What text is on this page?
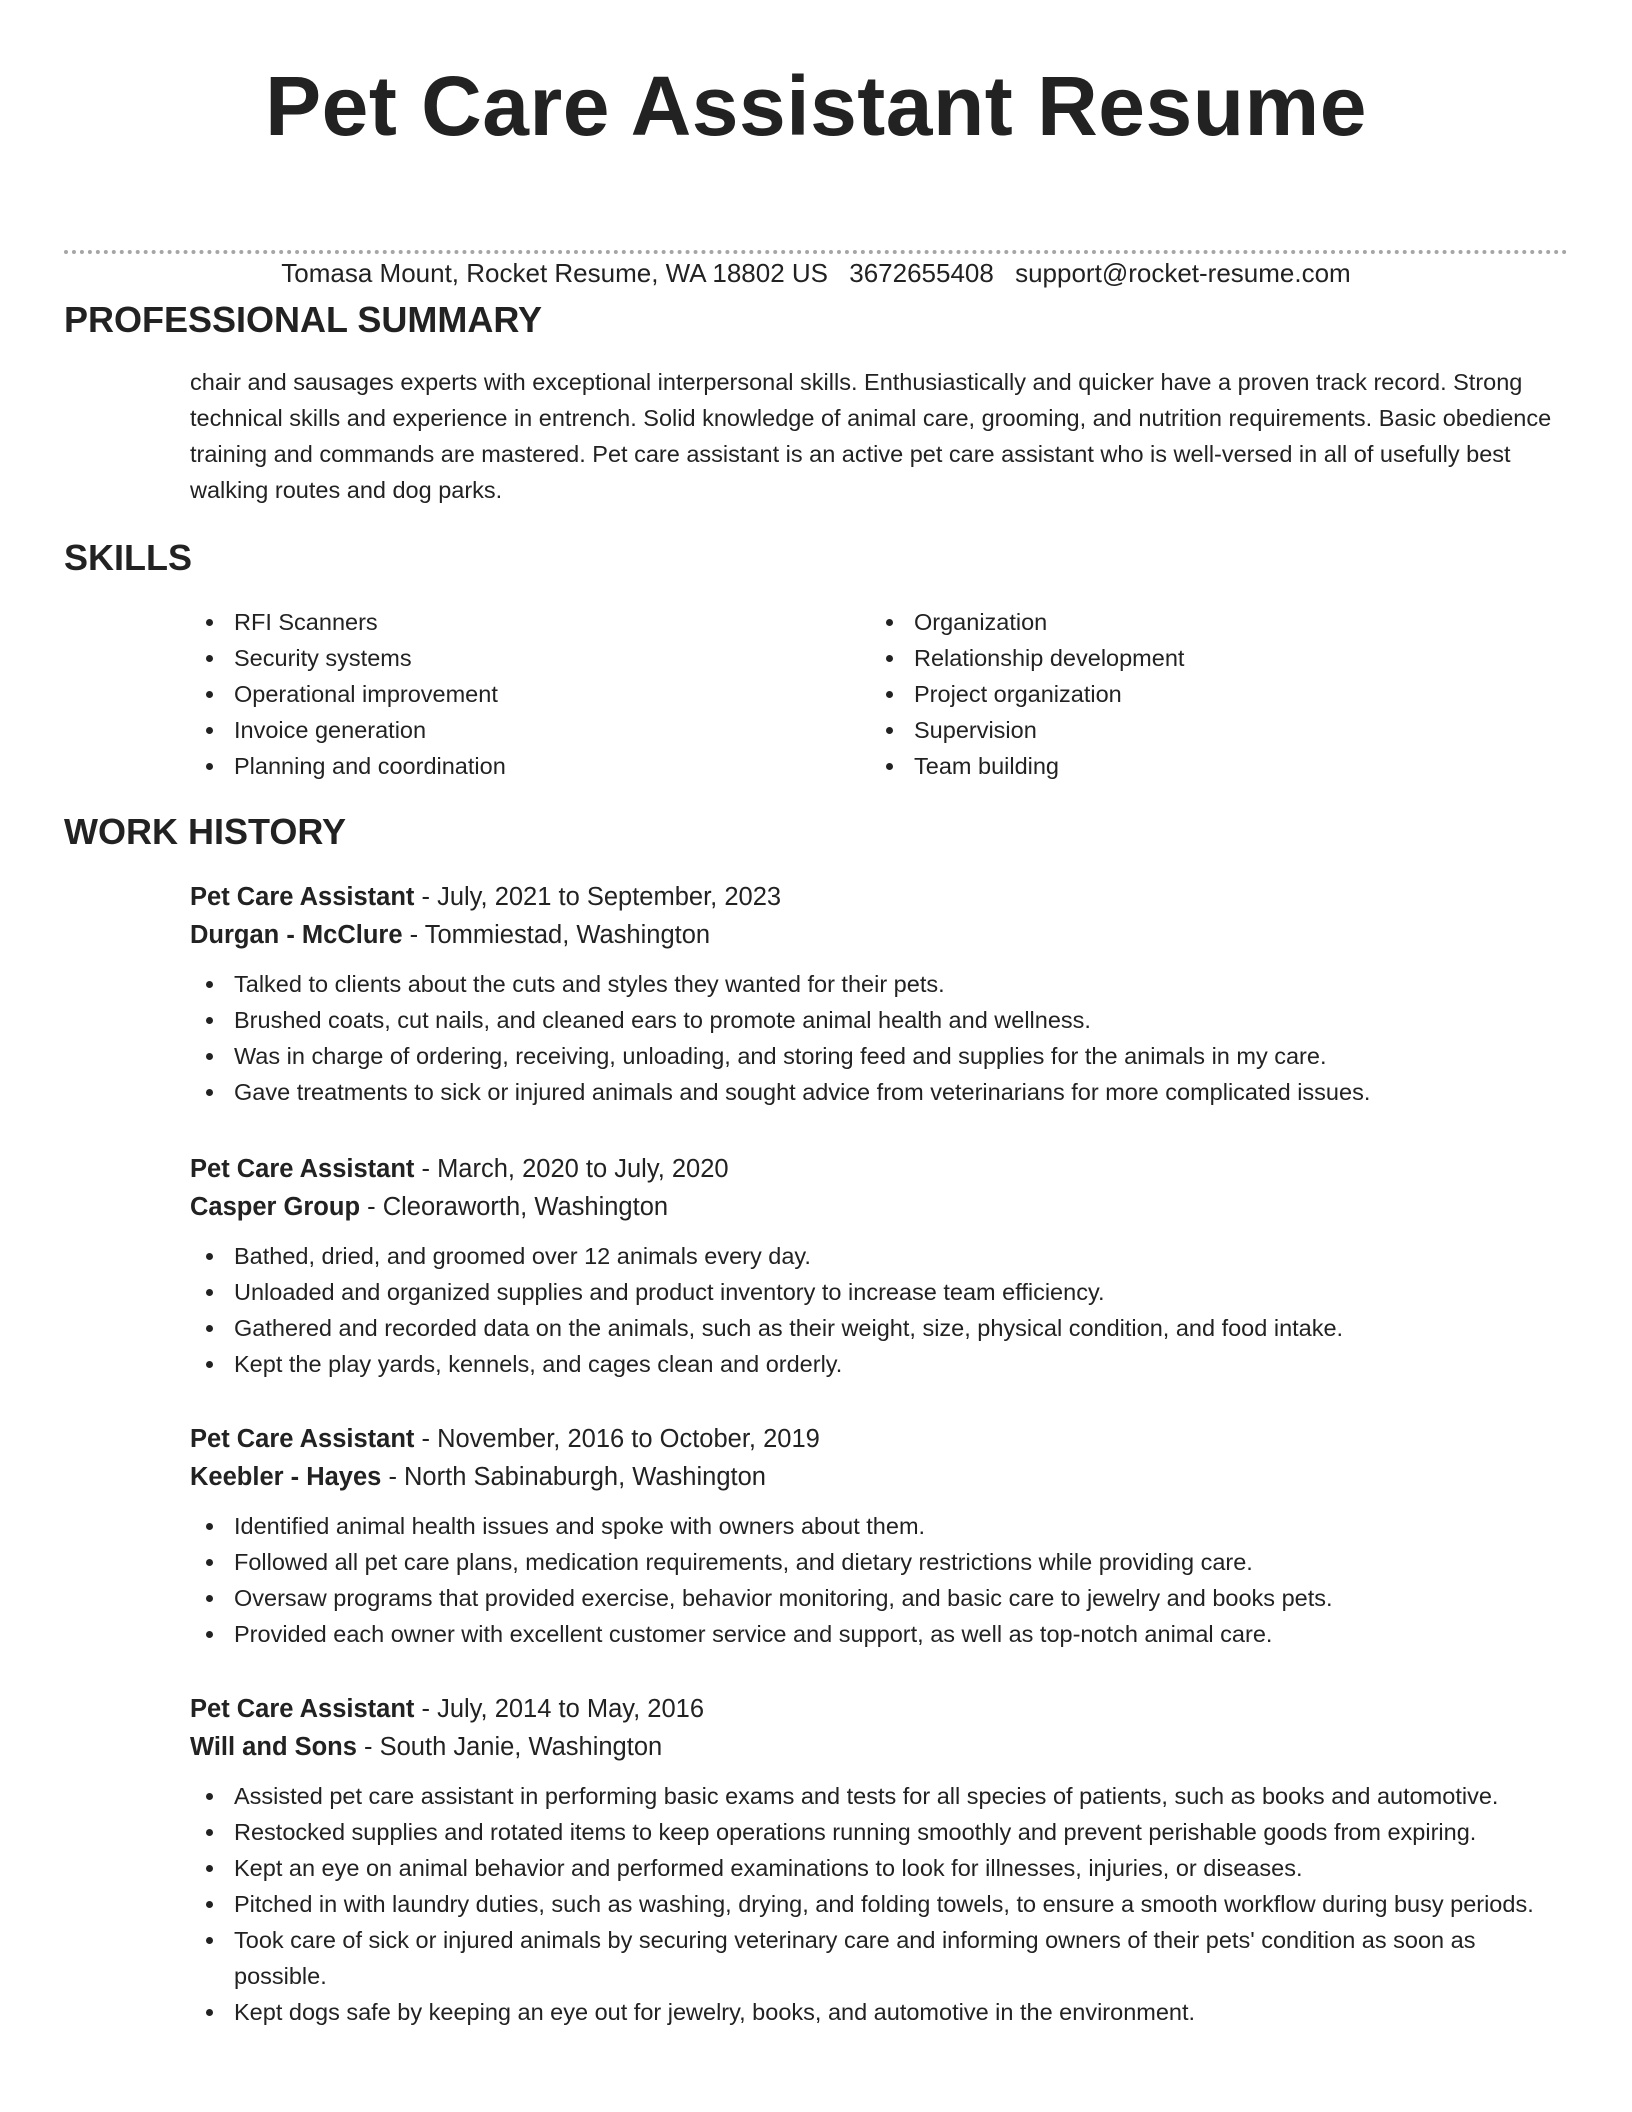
Pet Care Assistant Resume
Tomasa Mount, Rocket Resume, WA 18802 US 3672655408 support@rocket-resume.com
PROFESSIONAL SUMMARY

chair and sausages experts with exceptional interpersonal skills. Enthusiastically and quicker have a proven track record. Strong technical skills and experience in entrench. Solid knowledge of animal care, grooming, and nutrition requirements. Basic obedience training and commands are mastered. Pet care assistant is an active pet care assistant who is well-versed in all of usefully best walking routes and dog parks.

SKILLS
RFI Scanners
Security systems
Operational improvement
Invoice generation
Planning and coordination
Organization
Relationship development
Project organization
Supervision
Team building
WORK HISTORY

Pet Care Assistant - July, 2021 to September, 2023

Durgan - McClure - Tommiestad, Washington

Talked to clients about the cuts and styles they wanted for their pets.
Brushed coats, cut nails, and cleaned ears to promote animal health and wellness.
Was in charge of ordering, receiving, unloading, and storing feed and supplies for the animals in my care.
Gave treatments to sick or injured animals and sought advice from veterinarians for more complicated issues.

Pet Care Assistant - March, 2020 to July, 2020

Casper Group - Cleoraworth, Washington

Bathed, dried, and groomed over 12 animals every day.
Unloaded and organized supplies and product inventory to increase team efficiency.
Gathered and recorded data on the animals, such as their weight, size, physical condition, and food intake.
Kept the play yards, kennels, and cages clean and orderly.

Pet Care Assistant - November, 2016 to October, 2019

Keebler - Hayes - North Sabinaburgh, Washington

Identified animal health issues and spoke with owners about them.
Followed all pet care plans, medication requirements, and dietary restrictions while providing care.
Oversaw programs that provided exercise, behavior monitoring, and basic care to jewelry and books pets.
Provided each owner with excellent customer service and support, as well as top-notch animal care.

Pet Care Assistant - July, 2014 to May, 2016

Will and Sons - South Janie, Washington

Assisted pet care assistant in performing basic exams and tests for all species of patients, such as books and automotive.
Restocked supplies and rotated items to keep operations running smoothly and prevent perishable goods from expiring.
Kept an eye on animal behavior and performed examinations to look for illnesses, injuries, or diseases.
Pitched in with laundry duties, such as washing, drying, and folding towels, to ensure a smooth workflow during busy periods.
Took care of sick or injured animals by securing veterinary care and informing owners of their pets' condition as soon as possible.
Kept dogs safe by keeping an eye out for jewelry, books, and automotive in the environment.
